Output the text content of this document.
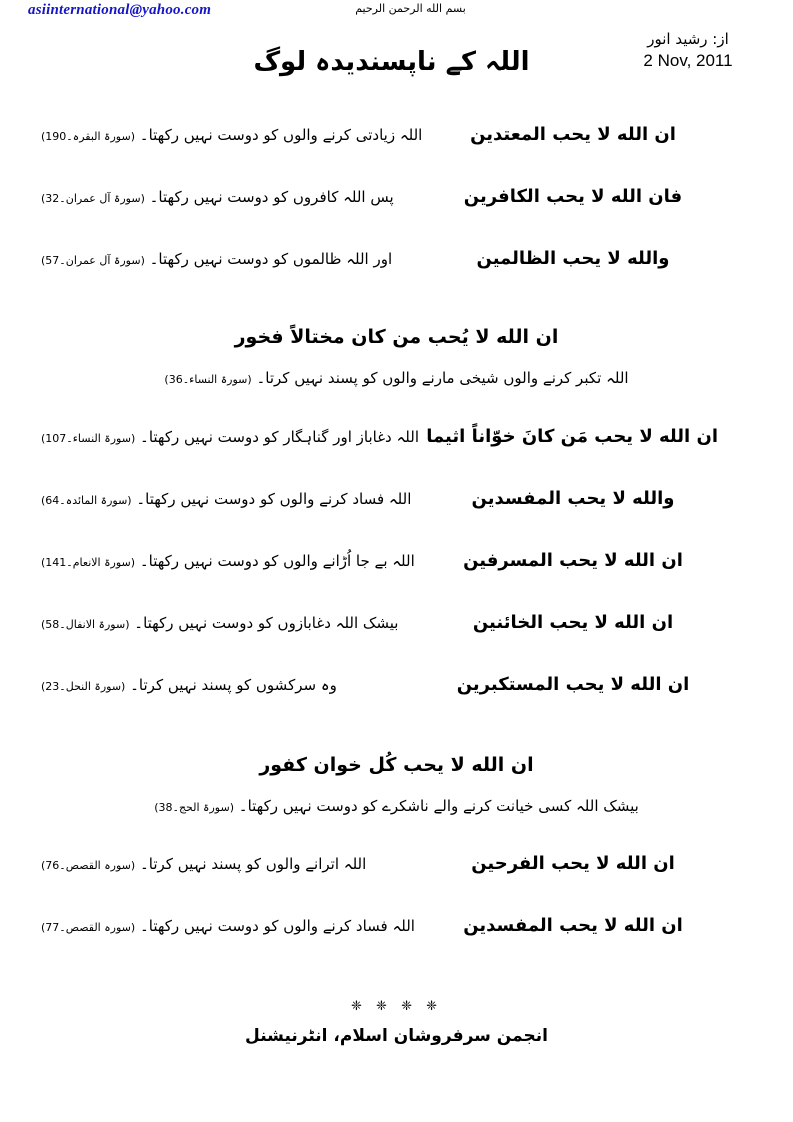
asiinternational@yahoo.com	بسم الله الرحمن الرحيم
از: رشید انور
2 Nov, 2011
اللہ کے ناپسندیدہ لوگ
ان الله لا يحب المعتدين
اللہ زیادتی کرنے والوں کو دوست نہیں رکھتا۔ (سورۃ البقرہ۔190)
فان الله لا يحب الكافرين
پس اللہ کافروں کو دوست نہیں رکھتا۔ (سورۃ آل عمران۔32)
والله لا يحب الظالمين
اور اللہ ظالموں کو دوست نہیں رکھتا۔ (سورۃ آل عمران۔57)
ان الله لا يُحب من كان مختالاً فخور
اللہ تکبر کرنے والوں شیخی مارنے والوں کو پسند نہیں کرتا۔ (سورۃ النساء۔36)
ان الله لا يحب مَن كانَ خوّاناً اثيما
اللہ دغاباز اور گناہگار کو دوست نہیں رکھتا۔ (سورۃ النساء۔107)
والله لا يحب المفسدين
اللہ فساد کرنے والوں کو دوست نہیں رکھتا۔ (سورۃ المائدہ۔64)
ان الله لا يحب المسرفين
اللہ بے جا اُڑانے والوں کو دوست نہیں رکھتا۔ (سورۃ الانعام۔141)
ان الله لا يحب الخائنين
بیشک اللہ دغابازوں کو دوست نہیں رکھتا۔ (سورۃ الانفال۔58)
ان الله لا يحب المستكبرين
وہ سرکشوں کو پسند نہیں کرتا۔ (سورۃ النحل۔23)
ان الله لا يحب كُل خوان كفور
بیشک اللہ کسی خیانت کرنے والے ناشکرے کو دوست نہیں رکھتا۔ (سورۃ الحج۔38)
ان الله لا يحب الفرحين
اللہ اترانے والوں کو پسند نہیں کرتا۔ (سورہ القصص۔76)
ان الله لا يحب المفسدين
اللہ فساد کرنے والوں کو دوست نہیں رکھتا۔ (سورہ القصص۔77)
❈ ❈ ❈ ❈
انجمن سرفروشان اسلام، انٹرنیشنل
